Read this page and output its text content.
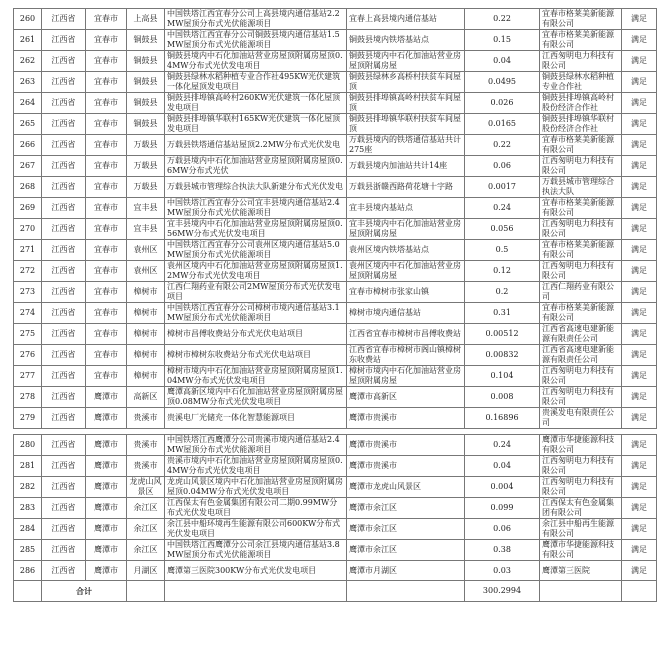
260	江西省	宜春市	上高县	中国铁塔江西宜春分公司上高县境内通信基站2.2MW屋顶分布式光伏能源项目	宜春上高县境内通信基站	0.22	宜春市格莱美新能源有限公司	满足
261	江西省	宜春市	铜鼓县	中国铁塔江西宜春分公司铜鼓县境内通信基站1.5MW屋顶分布式光伏能源项目	铜鼓县境内铁塔基站点	0.15	宜春市格莱美新能源有限公司	满足
262	江西省	宜春市	铜鼓县	铜鼓县境内中石化加油站营业房屋顶附属房屋顶0.4MW分布式光伏发电项目	铜鼓县境内中石化加油站营业房屋顶附属房屋	0.04	江西匆明电力科技有限公司	满足
263	江西省	宜春市	铜鼓县	铜鼓县绿林水稻种植专业合作社495KW光伏建筑一体化屋顶发电项目	铜鼓县绿林乡高桥村扶贫车间屋顶	0.0495	铜鼓县绿林水稻种植专业合作社	满足
264	江西省	宜春市	铜鼓县	铜鼓县排埠镇高岭村260KW光伏建筑一体化屋顶发电项目	铜鼓县排埠镇高岭村扶贫车间屋顶	0.026	铜鼓县排埠镇高岭村股份经济合作社	满足
265	江西省	宜春市	铜鼓县	铜鼓县排埠镇华联村165KW光伏建筑一体化屋顶发电项目	铜鼓县排埠镇华联村扶贫车间屋顶	0.0165	铜鼓县排埠镇华联村股份经济合作社	满足
266	江西省	宜春市	万载县	万载县铁塔通信基站屋顶2.2MW分布式光伏发电	万载县境内的铁塔通信基站共计275座	0.22	宜春市格莱美新能源有限公司	满足
267	江西省	宜春市	万载县	万载县境内中石化加油站营业房屋顶附属房屋顶0.6MW分布式光伏	万载县境内加油站共计14座	0.06	江西匆明电力科技有限公司	满足
268	江西省	宜春市	万载县	万载县城市管理综合执法大队新建分布式光伏发电	万载县浙赣西路荷花塘十字路	0.0017	万载县城市管理综合执法大队	满足
269	江西省	宜春市	宜丰县	中国铁塔江西宜春分公司宜丰县境内通信基站2.4MW屋顶分布式光伏能源项目	宜丰县境内基站点	0.24	宜春市格莱美新能源有限公司	满足
270	江西省	宜春市	宜丰县	宜丰县境内中石化加油站营业房屋顶附属房屋顶0.56MW分布式光伏发电项目	宜丰县境内中石化加油站营业房屋顶附属房屋	0.056	江西匆明电力科技有限公司	满足
271	江西省	宜春市	袁州区	中国铁塔江西宜春分公司袁州区境内通信基站5.0MW屋顶分布式光伏能源项目	袁州区境内铁塔基站点	0.5	宜春市格莱美新能源有限公司	满足
272	江西省	宜春市	袁州区	袁州区境内中石化加油站营业房屋顶附属房屋顶1.2MW分布式光伏发电项目	袁州区境内中石化加油站营业房屋顶附属房屋	0.12	江西匆明电力科技有限公司	满足
273	江西省	宜春市	樟树市	江西仁翔药业有限公司2MW屋顶分布式光伏发电项目	宜春市樟树市张家山镇	0.2	江西仁翔药业有限公司	满足
274	江西省	宜春市	樟树市	中国铁塔江西宜春分公司樟树市境内通信基站3.1MW屋顶分布式光伏能源项目	樟树市境内通信基站	0.31	宜春市格莱美新能源有限公司	满足
275	江西省	宜春市	樟树市	樟树市昌傅收费站分布式光伏电站项目	江西省宜春市樟树市昌傅收费站	0.00512	江西省高速电建新能源有限责任公司	满足
276	江西省	宜春市	樟树市	樟树市樟树东收费站分布式光伏电站项目	江西省宜春市樟树市阁山镇樟树东收费站	0.00832	江西省高速电建新能源有限责任公司	满足
277	江西省	宜春市	樟树市	樟树市境内中石化加油站营业房屋顶附属房屋顶1.04MW分布式光伏发电项目	樟树市境内中石化加油站营业房屋顶附属房屋	0.104	江西匆明电力科技有限公司	满足
278	江西省	鹰潭市	高新区	鹰潭高新区境内中石化加油站营业房屋顶附属房屋顶0.08MW分布式光伏发电项目	鹰潭市高新区	0.008	江西匆明电力科技有限公司	满足
279	江西省	鹰潭市	贵溪市	贵溪电厂光储充一体化智慧能源项目	鹰潭市贵溪市	0.16896	贵溪发电有限责任公司	满足
280	江西省	鹰潭市	贵溪市	中国铁塔江西鹰潭分公司贵溪市境内通信基站2.4MW屋顶分布式光伏能源项目	鹰潭市贵溪市	0.24	鹰潭市华捷能源科技有限公司	满足
281	江西省	鹰潭市	贵溪市	贵溪市境内中石化加油站营业房屋顶附属房屋顶0.4MW分布式光伏发电项目	鹰潭市贵溪市	0.04	江西匆明电力科技有限公司	满足
282	江西省	鹰潭市	龙虎山风景区	龙虎山风景区境内中石化加油站营业房屋顶附属房屋顶0.04MW分布式光伏发电项目	鹰潭市龙虎山风景区	0.004	江西匆明电力科技有限公司	满足
283	江西省	鹰潭市	余江区	江西保太有色金属集团有限公司二期0.99MW分布式光伏发电项目	鹰潭市余江区	0.099	江西保太有色金属集团有限公司	满足
284	江西省	鹰潭市	余江区	余江县中船环境再生能源有限公司600KW分布式光伏发电项目	鹰潭市余江区	0.06	余江县中船再生能源有限公司	满足
285	江西省	鹰潭市	余江区	中国铁塔江西鹰潭分公司余江县境内通信基站3.8MW屋顶分布式光伏能源项目	鹰潭市余江区	0.38	鹰潭市华捷能源科技有限公司	满足
286	江西省	鹰潭市	月湖区	鹰潭第三医院300KW分布式光伏发电项目	鹰潭市月湖区	0.03	鹰潭第三医院	满足
	合计					300.2994		
